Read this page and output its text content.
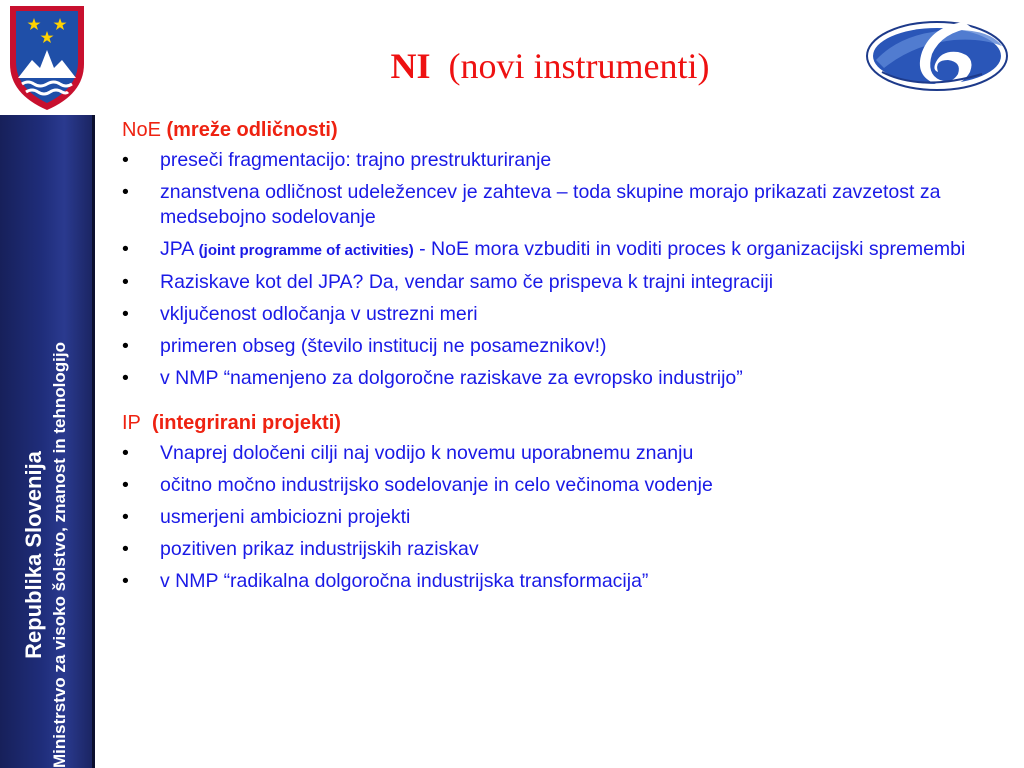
NI (novi instrumenti)
Republika Slovenija Ministrstvo za visoko šolstvo, znanost in tehnologijo
NoE (mreže odličnosti)
• preseči fragmentacijo: trajno prestrukturiranje
• znanstvena odličnost udeležencev je zahteva – toda skupine morajo prikazati zavzetost za medsebojno sodelovanje
• JPA (joint programme of activities) - NoE mora vzbuditi in voditi proces k organizacijski spremembi
• Raziskave kot del JPA? Da, vendar samo če prispeva k trajni integraciji
• vključenost odločanja v ustrezni meri
• primeren obseg (število institucij ne posameznikov!)
• v NMP “namenjeno za dolgoročne raziskave za evropsko industrijo”
IP (integrirani projekti)
• Vnaprej določeni cilji naj vodijo k novemu uporabnemu znanju
• očitno močno industrijsko sodelovanje in celo večinoma vodenje
• usmerjeni ambiciozni projekti
• pozitiven prikaz industrijskih raziskav
• v NMP “radikalna dolgoročna industrijska transformacija”
